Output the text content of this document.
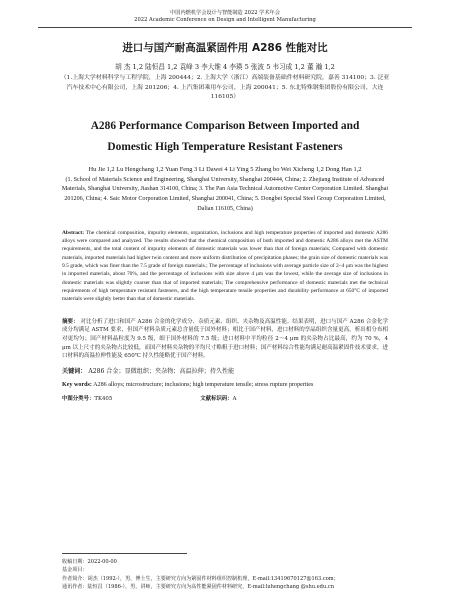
中国内燃机学会设计与智能制造 2022 学术年会
2022 Academic Conference on Design and Intelligent Manufacturing
进口与国产耐高温紧固件用 A286 性能对比
胡 杰 1,2 陆恒昌 1,2 袁峰 3 李大维 4 李瑛 5 张波 5 韦习成 1,2 董 瀚 1,2
（1.上海大学材料科学与工程学院，上海 200444；2. 上海大学（浙江）高端装备基础件材料研究院，嘉善 314100；3. 泛亚汽车技术中心有限公司，上海 201206；4. 上汽集团乘用车公司，上海 200041；5. 东北特殊钢集团股份有限公司，大连 116105）
A286 Performance Comparison Between Imported and
Domestic High Temperature Resistant Fasteners
Hu Jie 1,2 Lu Hengchang 1,2 Yuan Feng 3 Li Dawei 4 Li Ying 5 Zhang bo Wei Xicheng 1,2 Dong Han 1,2
(1. School of Materials Science and Engineering, Shanghai University, Shanghai 200444, China; 2. Zhejiang Institute of Advanced Materials, Shanghai University, Jiashan 314100, China; 3. The Pan Asia Technical Automotive Center Corporation Limited. Shanghai 201206, China; 4. Saic Motor Corporation Limited, Shanghai 200041, China; 5. Dongbei Special Steel Group Corporation Limited, Dalian 116105, China)
Abstract: The chemical composition, impurity elements, organization, inclusions and high temperature properties of imported and domestic A286 alloys were compared and analyzed. The results showed that the chemical composition of both imported and domestic A286 alloys met the ASTM requirements, and the total content of impurity elements of domestic materials was lower than that of foreign materials; Compared with domestic materials, imported materials had higher twin content and more uniform distribution of precipitation phases; the grain size of domestic materials was 9.5 grade, which was finer than the 7.5 grade of foreign materials.; The percentage of inclusions with average particle size of 2~4 μm was the highest in imported materials, about 70%, and the percentage of inclusions with size above 4 μm was the lowest, while the average size of inclusions in domestic materials was slightly coarser than that of imported materials; The comprehensive performance of domestic materials met the technical requirements of high temperature resistant fasteners, and the high temperature tensile properties and durability performance at 650°C of imported materials were slightly better than that of domestic materials.
摘要： 对比分析了进口和国产 A286 合金的化学成分、杂质元素、组织、夹杂物及高温性能。结果表明，进口与国产 A286 合金化学成分均满足 ASTM 要求，但国产材料杂质元素总含量低于国外材料；相比于国产材料，进口材料的孪晶组织含量更高，析出相分布相对更均匀；国产材料晶粒度为 9.5 级，细于国外材料的 7.5 级；进口材料中平均粒径 2～4 μm 的夹杂物占比最高，约为 70 %，4 μm 以上尺寸的夹杂物占比较低，而国产材料夹杂物的平均尺寸略粗于进口材料；国产材料综合性能均满足耐高温紧固件技术要求，进口材料的高温拉伸性能及 650℃ 持久性能略优于国产材料。
关键词： A286 合金；显微组织；夹杂物；高温拉伸；持久性能
Key words: A286 alloys; microstructure; inclusions; high temperature tensile; stress rupture properties
中图分类号：TK405	文献标识码：A
收稿日期：2022-00-00
基金项目：
作者简介：胡杰（1992-），男，博士生，主要研究方向为紧固件材料组织控制机理，E-mail:13419670127@163.com；
通讯作者：陆恒昌（1986-），男，讲师，主要研究方向为高性能紧固件材料研究，E-mail:luhengchang @shu.edu.cn
